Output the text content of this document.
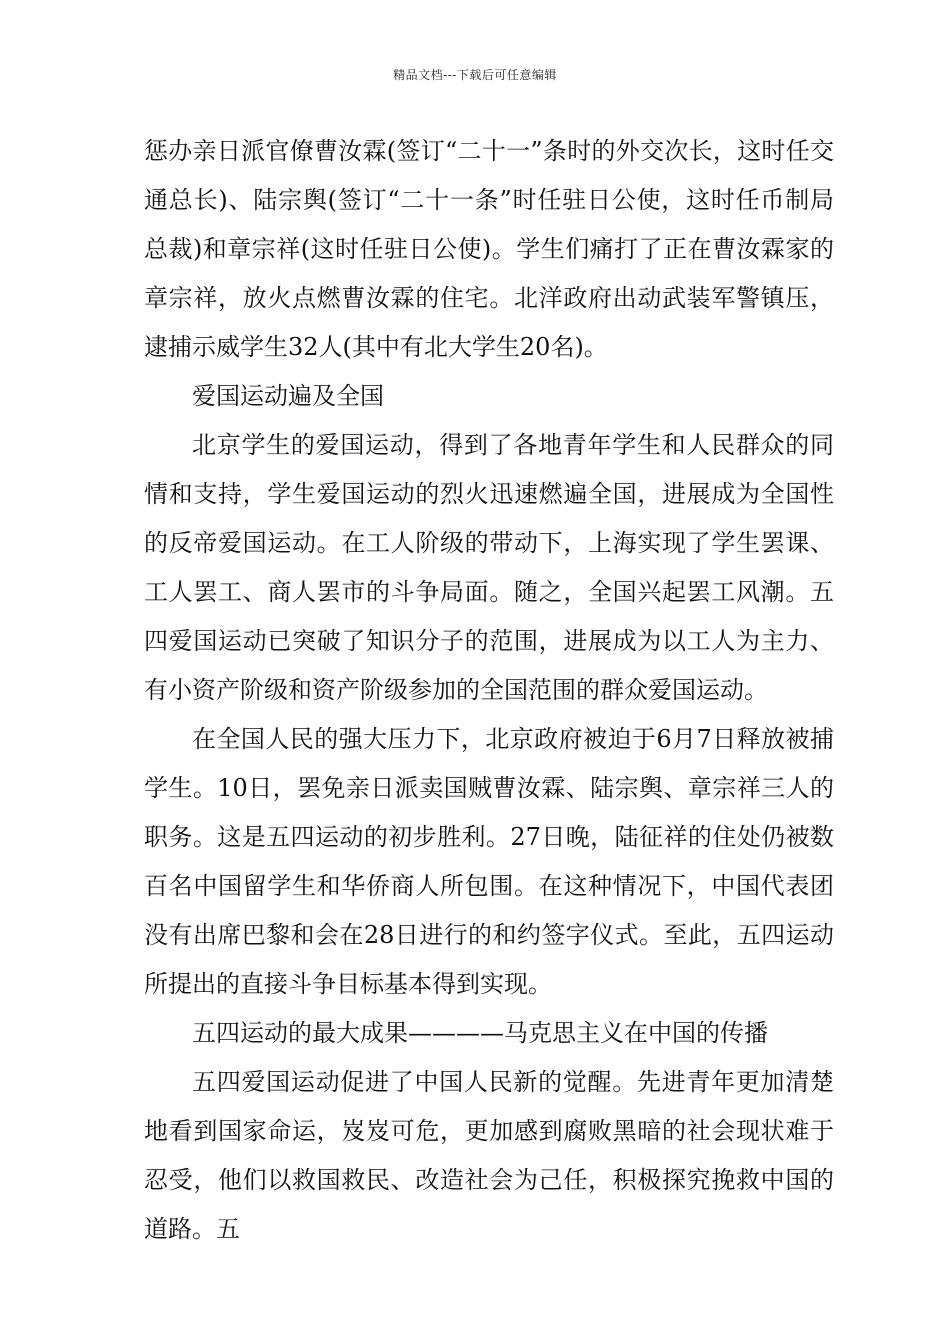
精品文档---下载后可任意编辑

惩办亲日派官僚曹汝霖(签订“二十一”条时的外交次长，这时任交通总长)、陆宗舆(签订“二十一条”时任驻日公使，这时任币制局总裁)和章宗祥(这时任驻日公使)。学生们痛打了正在曹汝霖家的章宗祥，放火点燃曹汝霖的住宅。北洋政府出动武装军警镇压，逮捕示威学生32人(其中有北大学生20名)。

爱国运动遍及全国

北京学生的爱国运动，得到了各地青年学生和人民群众的同情和支持，学生爱国运动的烈火迅速燃遍全国，进展成为全国性的反帝爱国运动。在工人阶级的带动下，上海实现了学生罢课、工人罢工、商人罢市的斗争局面。随之，全国兴起罢工风潮。五四爱国运动已突破了知识分子的范围，进展成为以工人为主力、有小资产阶级和资产阶级参加的全国范围的群众爱国运动。

在全国人民的强大压力下，北京政府被迫于6月7日释放被捕学生。10日，罢免亲日派卖国贼曹汝霖、陆宗舆、章宗祥三人的职务。这是五四运动的初步胜利。27日晚，陆征祥的住处仍被数百名中国留学生和华侨商人所包围。在这种情况下，中国代表团没有出席巴黎和会在28日进行的和约签字仪式。至此，五四运动所提出的直接斗争目标基本得到实现。

五四运动的最大成果————马克思主义在中国的传播

五四爱国运动促进了中国人民新的觉醒。先进青年更加清楚地看到国家命运，岌岌可危，更加感到腐败黑暗的社会现状难于忍受，他们以救国救民、改造社会为己任，积极探究挽救中国的道路。五
